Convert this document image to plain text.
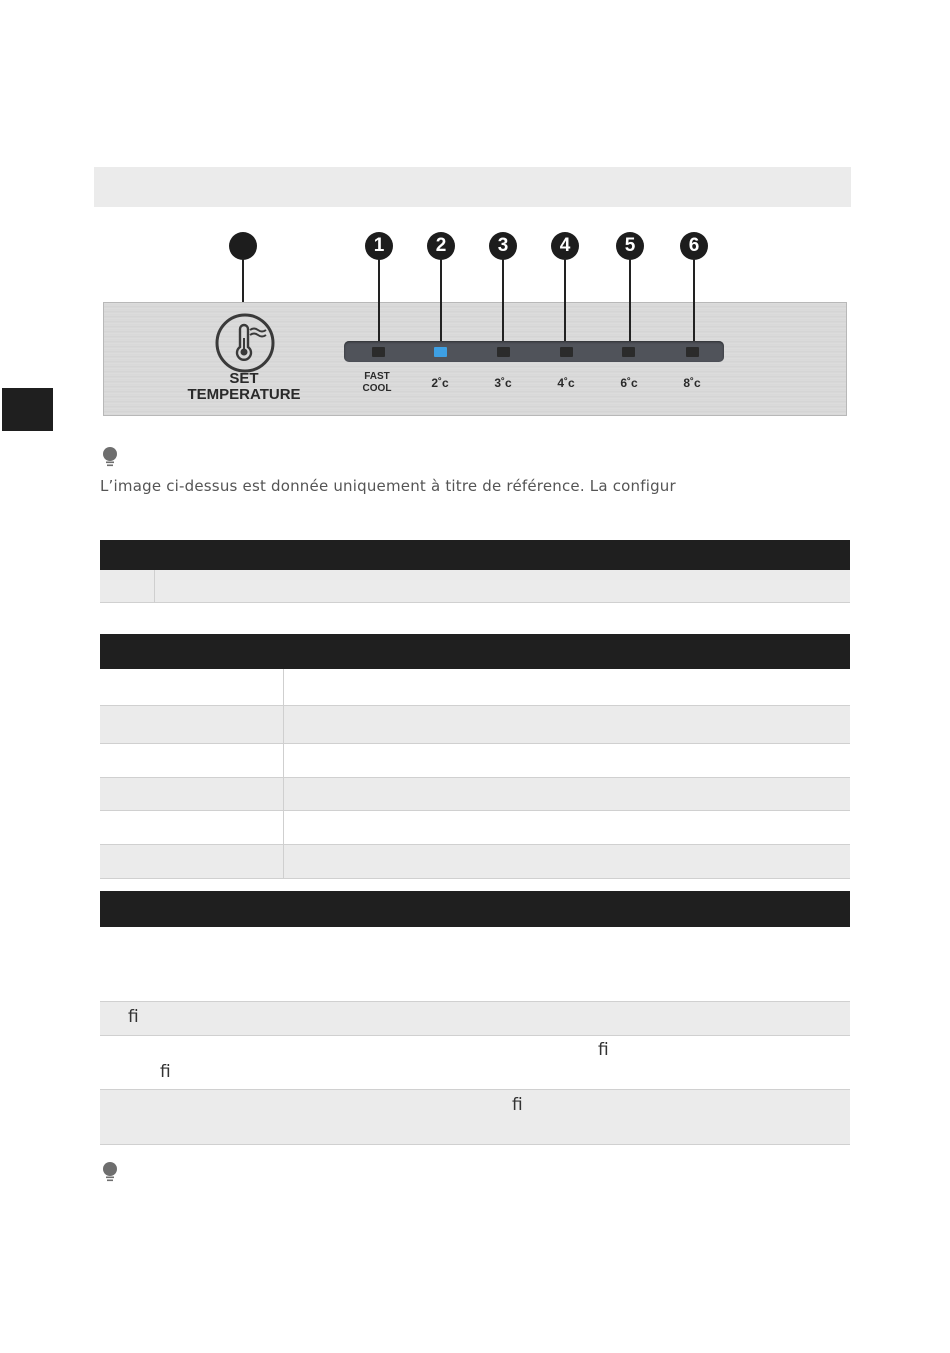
1	2	3	4	5	6
SET
TEMPERATURE
FAST
COOL	2˚c	3˚c	4˚c	6˚c	8˚c
L’image ci-dessus est donnée uniquement à titre de référence. La configur
ﬁ
ﬁ
ﬁ
ﬁ
